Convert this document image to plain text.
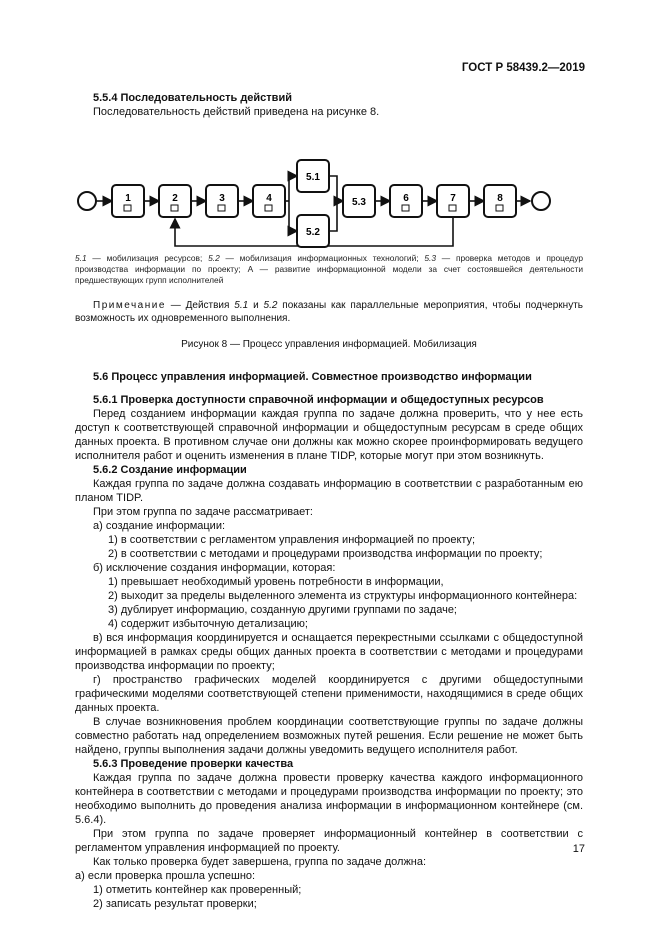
ГОСТ Р 58439.2—2019

5.5.4 Последовательность действий

Последовательность действий приведена на рисунке 8.

1	2	3	4
5.1
5.2
5.3	6	7	8

5.1 — мобилизация ресурсов; 5.2 — мобилизация информационных технологий; 5.3 — проверка методов и процедур производства информации по проекту; A — развитие информационной модели за счет состоявшейся деятельности предшествующих групп исполнителей

Примечание — Действия 5.1 и 5.2 показаны как параллельные мероприятия, чтобы подчеркнуть возможность их одновременного выполнения.

Рисунок 8 — Процесс управления информацией. Мобилизация

5.6 Процесс управления информацией. Совместное производство информации

5.6.1 Проверка доступности справочной информации и общедоступных ресурсов

Перед созданием информации каждая группа по задаче должна проверить, что у нее есть доступ к соответствующей справочной информации и общедоступным ресурсам в среде общих данных проекта. В противном случае они должны как можно скорее проинформировать ведущего исполнителя работ и оценить изменения в плане TIDP, которые могут при этом возникнуть.

5.6.2 Создание информации

Каждая группа по задаче должна создавать информацию в соответствии с разработанным ею планом TIDP.

При этом группа по задаче рассматривает:

а) создание информации:

1) в соответствии с регламентом управления информацией по проекту;

2) в соответствии с методами и процедурами производства информации по проекту;

б) исключение создания информации, которая:

1) превышает необходимый уровень потребности в информации,

2) выходит за пределы выделенного элемента из структуры информационного контейнера:

3) дублирует информацию, созданную другими группами по задаче;

4) содержит избыточную детализацию;

в) вся информация координируется и оснащается перекрестными ссылками с общедоступной информацией в рамках среды общих данных проекта в соответствии с методами и процедурами производства информации по проекту;

г) пространство графических моделей координируется с другими общедоступными графическими моделями соответствующей степени применимости, находящимися в среде общих данных проекта.

В случае возникновения проблем координации соответствующие группы по задаче должны совместно работать над определением возможных путей решения. Если решение не может быть найдено, группы выполнения задачи должны уведомить ведущего исполнителя работ.

5.6.3 Проведение проверки качества

Каждая группа по задаче должна провести проверку качества каждого информационного контейнера в соответствии с методами и процедурами производства информации по проекту; это необходимо выполнить до проведения анализа информации в информационном контейнере (см. 5.6.4).

При этом группа по задаче проверяет информационный контейнер в соответствии с регламентом управления информацией по проекту.

Как только проверка будет завершена, группа по задаче должна:

а) если проверка прошла успешно:

1) отметить контейнер как проверенный;

2) записать результат проверки;

17
